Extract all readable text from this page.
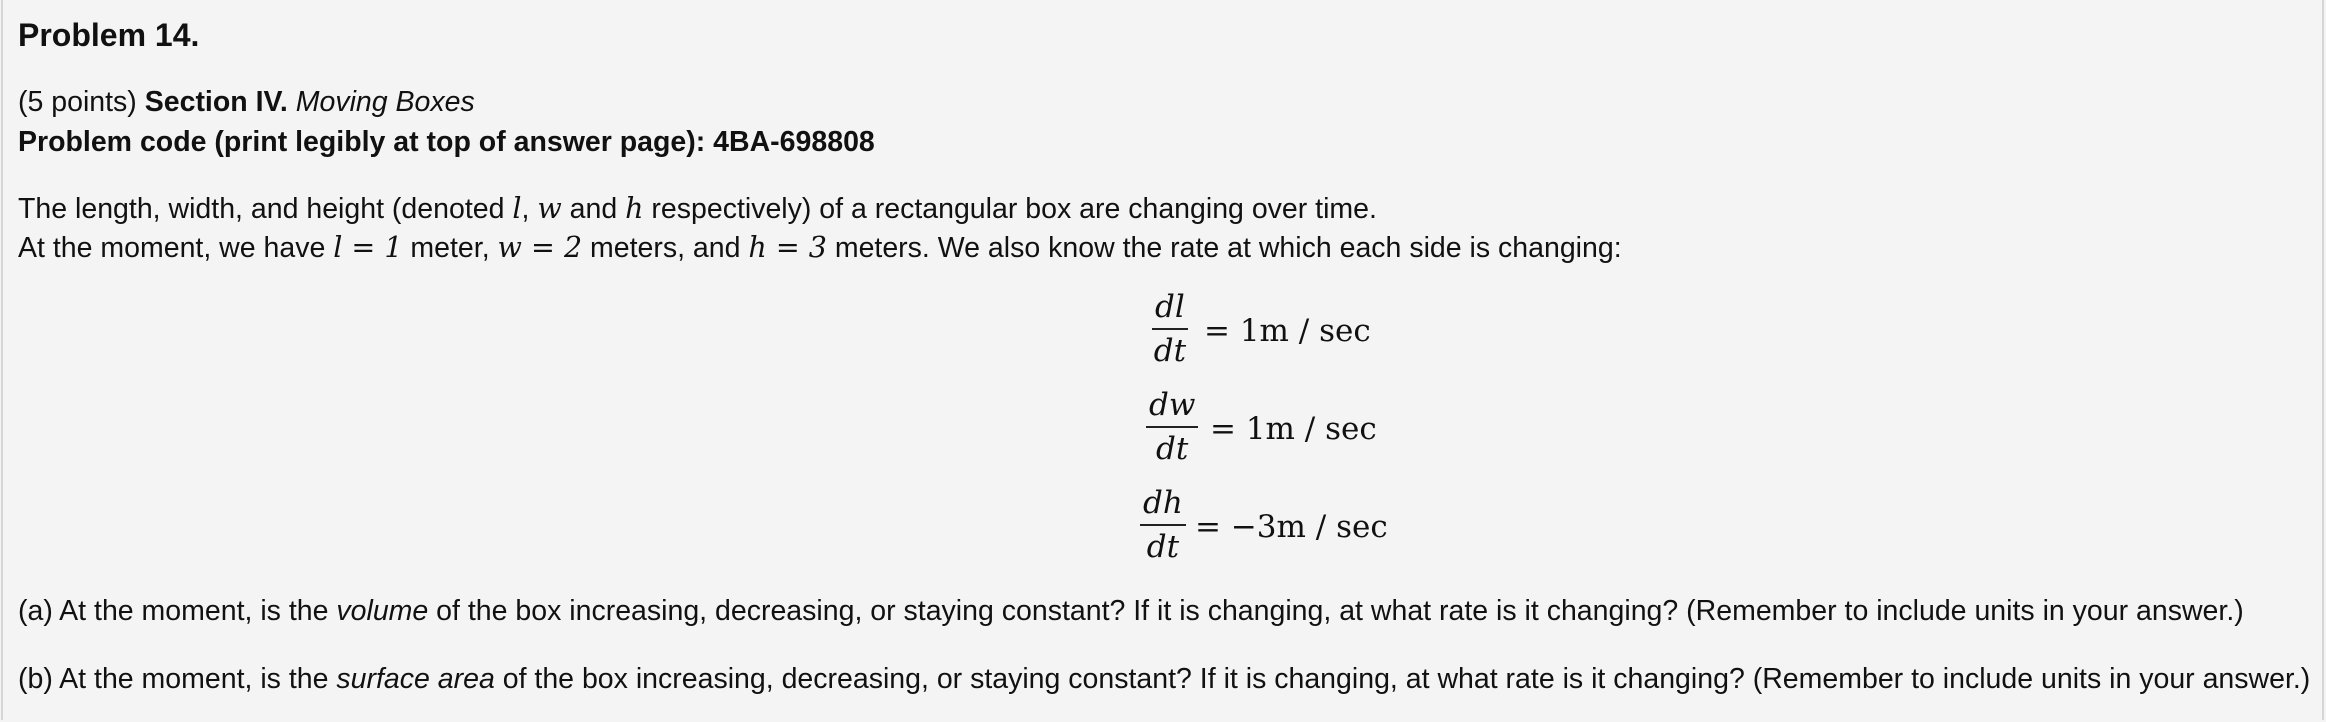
Problem 14.
(5 points) Section IV. Moving Boxes
Problem code (print legibly at top of answer page): 4BA-698808
The length, width, and height (denoted l, w and h respectively) of a rectangular box are changing over time.
At the moment, we have l = 1 meter, w = 2 meters, and h = 3 meters. We also know the rate at which each side is changing:
$\frac{dl}{dt} = 1m / \sec$
$\frac{dw}{dt} = 1m / \sec$
$\frac{dh}{dt} = -3m / \sec$
(a) At the moment, is the volume of the box increasing, decreasing, or staying constant? If it is changing, at what rate is it changing? (Remember to include units in your answer.)
(b) At the moment, is the surface area of the box increasing, decreasing, or staying constant? If it is changing, at what rate is it changing? (Remember to include units in your answer.)
